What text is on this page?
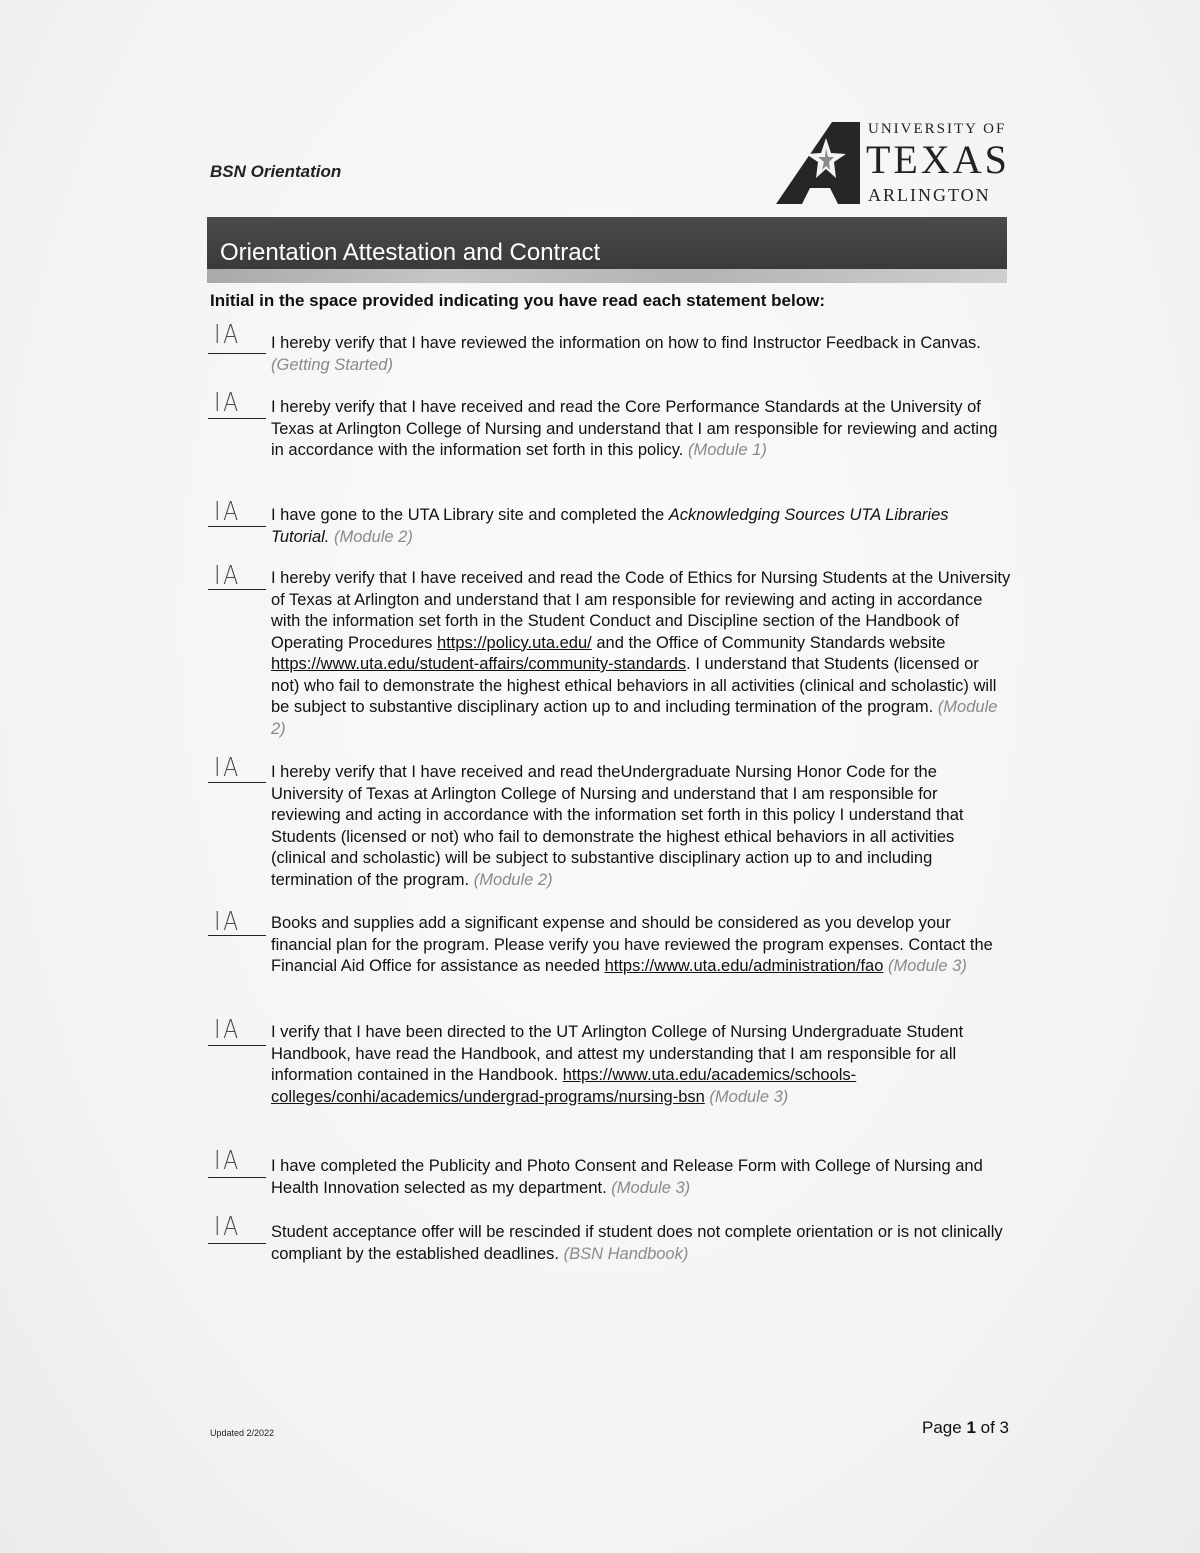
BSN Orientation
UNIVERSITY OF
TEXAS
ARLINGTON
Orientation Attestation and Contract
Initial in the space provided indicating you have read each statement below:
IA I hereby verify that I have reviewed the information on how to find Instructor Feedback in Canvas. (Getting Started)
IA I hereby verify that I have received and read the Core Performance Standards at the University of Texas at Arlington College of Nursing and understand that I am responsible for reviewing and acting in accordance with the information set forth in this policy. (Module 1)
IA I have gone to the UTA Library site and completed the Acknowledging Sources UTA Libraries Tutorial. (Module 2)
IA I hereby verify that I have received and read the Code of Ethics for Nursing Students at the University of Texas at Arlington and understand that I am responsible for reviewing and acting in accordance with the information set forth in the Student Conduct and Discipline section of the Handbook of Operating Procedures https://policy.uta.edu/ and the Office of Community Standards website https://www.uta.edu/student-affairs/community-standards. I understand that Students (licensed or not) who fail to demonstrate the highest ethical behaviors in all activities (clinical and scholastic) will be subject to substantive disciplinary action up to and including termination of the program. (Module 2)
IA I hereby verify that I have received and read theUndergraduate Nursing Honor Code for the University of Texas at Arlington College of Nursing and understand that I am responsible for reviewing and acting in accordance with the information set forth in this policy I understand that Students (licensed or not) who fail to demonstrate the highest ethical behaviors in all activities (clinical and scholastic) will be subject to substantive disciplinary action up to and including termination of the program. (Module 2)
IA Books and supplies add a significant expense and should be considered as you develop your financial plan for the program. Please verify you have reviewed the program expenses. Contact the Financial Aid Office for assistance as needed https://www.uta.edu/administration/fao (Module 3)
IA I verify that I have been directed to the UT Arlington College of Nursing Undergraduate Student Handbook, have read the Handbook, and attest my understanding that I am responsible for all information contained in the Handbook. https://www.uta.edu/academics/schools-colleges/conhi/academics/undergrad-programs/nursing-bsn (Module 3)
IA I have completed the Publicity and Photo Consent and Release Form with College of Nursing and Health Innovation selected as my department. (Module 3)
IA Student acceptance offer will be rescinded if student does not complete orientation or is not clinically compliant by the established deadlines. (BSN Handbook)
Updated 2/2022	Page 1 of 3
